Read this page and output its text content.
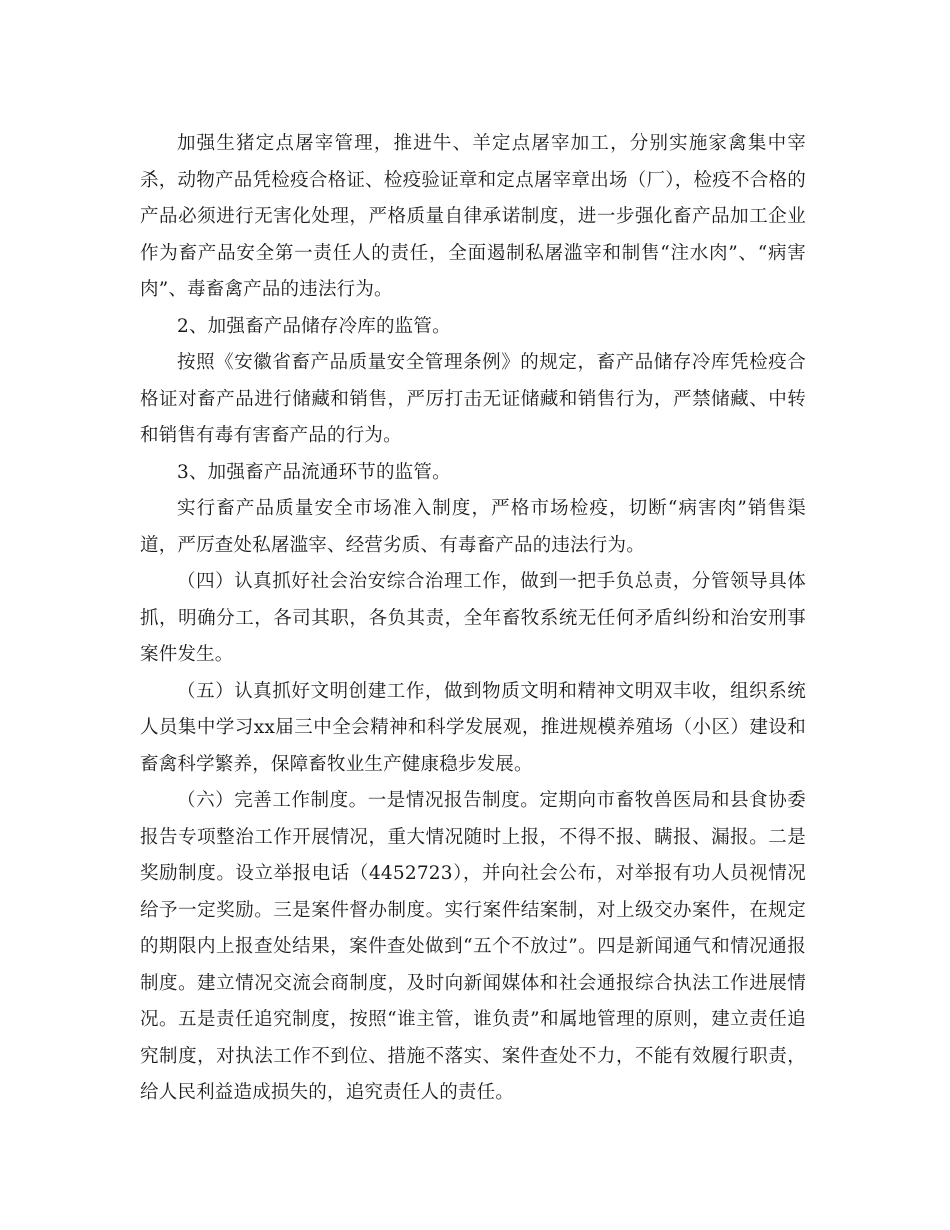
加强生猪定点屠宰管理，推进牛、羊定点屠宰加工，分别实施家禽集中宰杀，动物产品凭检疫合格证、检疫验证章和定点屠宰章出场（厂），检疫不合格的产品必须进行无害化处理，严格质量自律承诺制度，进一步强化畜产品加工企业作为畜产品安全第一责任人的责任，全面遏制私屠滥宰和制售“注水肉”、“病害肉”、毒畜禽产品的违法行为。

2、加强畜产品储存冷库的监管。

按照《安徽省畜产品质量安全管理条例》的规定，畜产品储存冷库凭检疫合格证对畜产品进行储藏和销售，严厉打击无证储藏和销售行为，严禁储藏、中转和销售有毒有害畜产品的行为。

3、加强畜产品流通环节的监管。

实行畜产品质量安全市场准入制度，严格市场检疫，切断“病害肉”销售渠道，严厉查处私屠滥宰、经营劣质、有毒畜产品的违法行为。

（四）认真抓好社会治安综合治理工作，做到一把手负总责，分管领导具体抓，明确分工，各司其职，各负其责，全年畜牧系统无任何矛盾纠纷和治安刑事案件发生。

（五）认真抓好文明创建工作，做到物质文明和精神文明双丰收，组织系统人员集中学习xx届三中全会精神和科学发展观，推进规模养殖场（小区）建设和畜禽科学繁养，保障畜牧业生产健康稳步发展。

（六）完善工作制度。一是情况报告制度。定期向市畜牧兽医局和县食协委报告专项整治工作开展情况，重大情况随时上报，不得不报、瞒报、漏报。二是奖励制度。设立举报电话（4452723），并向社会公布，对举报有功人员视情况给予一定奖励。三是案件督办制度。实行案件结案制，对上级交办案件，在规定的期限内上报查处结果，案件查处做到“五个不放过”。四是新闻通气和情况通报制度。建立情况交流会商制度，及时向新闻媒体和社会通报综合执法工作进展情况。五是责任追究制度，按照“谁主管，谁负责”和属地管理的原则，建立责任追究制度，对执法工作不到位、措施不落实、案件查处不力，不能有效履行职责，给人民利益造成损失的，追究责任人的责任。
